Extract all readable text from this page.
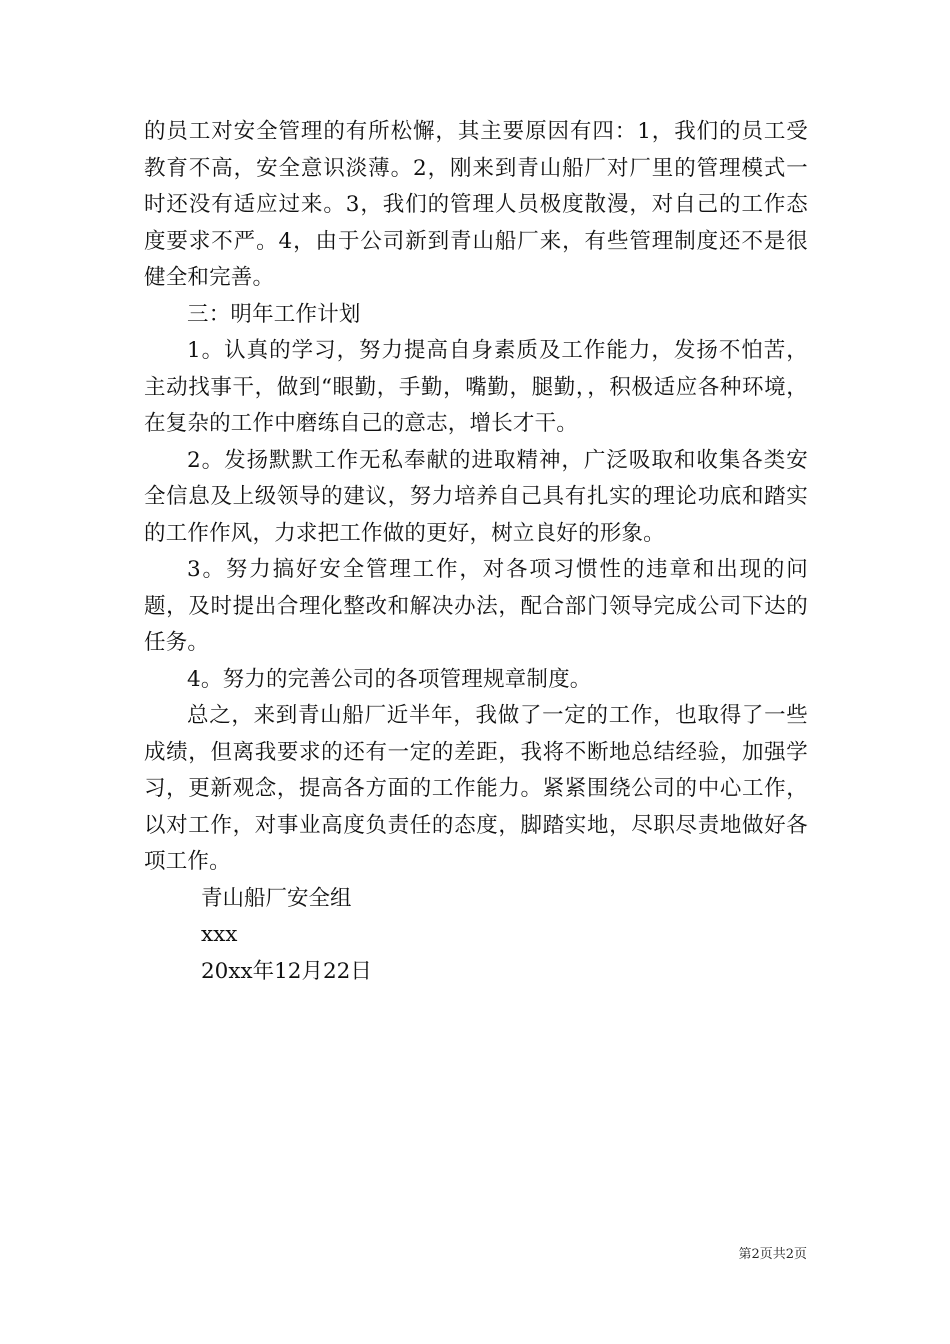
的员工对安全管理的有所松懈，其主要原因有四：1，我们的员工受教育不高，安全意识淡薄。2，刚来到青山船厂对厂里的管理模式一时还没有适应过来。3，我们的管理人员极度散漫，对自己的工作态度要求不严。4，由于公司新到青山船厂来，有些管理制度还不是很健全和完善。

三：明年工作计划

1。认真的学习，努力提高自身素质及工作能力，发扬不怕苦，主动找事干，做到“眼勤，手勤，嘴勤，腿勤，，积极适应各种环境，在复杂的工作中磨练自己的意志，增长才干。

2。发扬默默工作无私奉献的进取精神，广泛吸取和收集各类安全信息及上级领导的建议，努力培养自己具有扎实的理论功底和踏实的工作作风，力求把工作做的更好，树立良好的形象。

3。努力搞好安全管理工作，对各项习惯性的违章和出现的问题，及时提出合理化整改和解决办法，配合部门领导完成公司下达的任务。

4。努力的完善公司的各项管理规章制度。

总之，来到青山船厂近半年，我做了一定的工作，也取得了一些成绩，但离我要求的还有一定的差距，我将不断地总结经验，加强学习，更新观念，提高各方面的工作能力。紧紧围绕公司的中心工作，以对工作，对事业高度负责任的态度，脚踏实地，尽职尽责地做好各项工作。

青山船厂安全组

xxx

20xx年12月22日

第2页共2页
